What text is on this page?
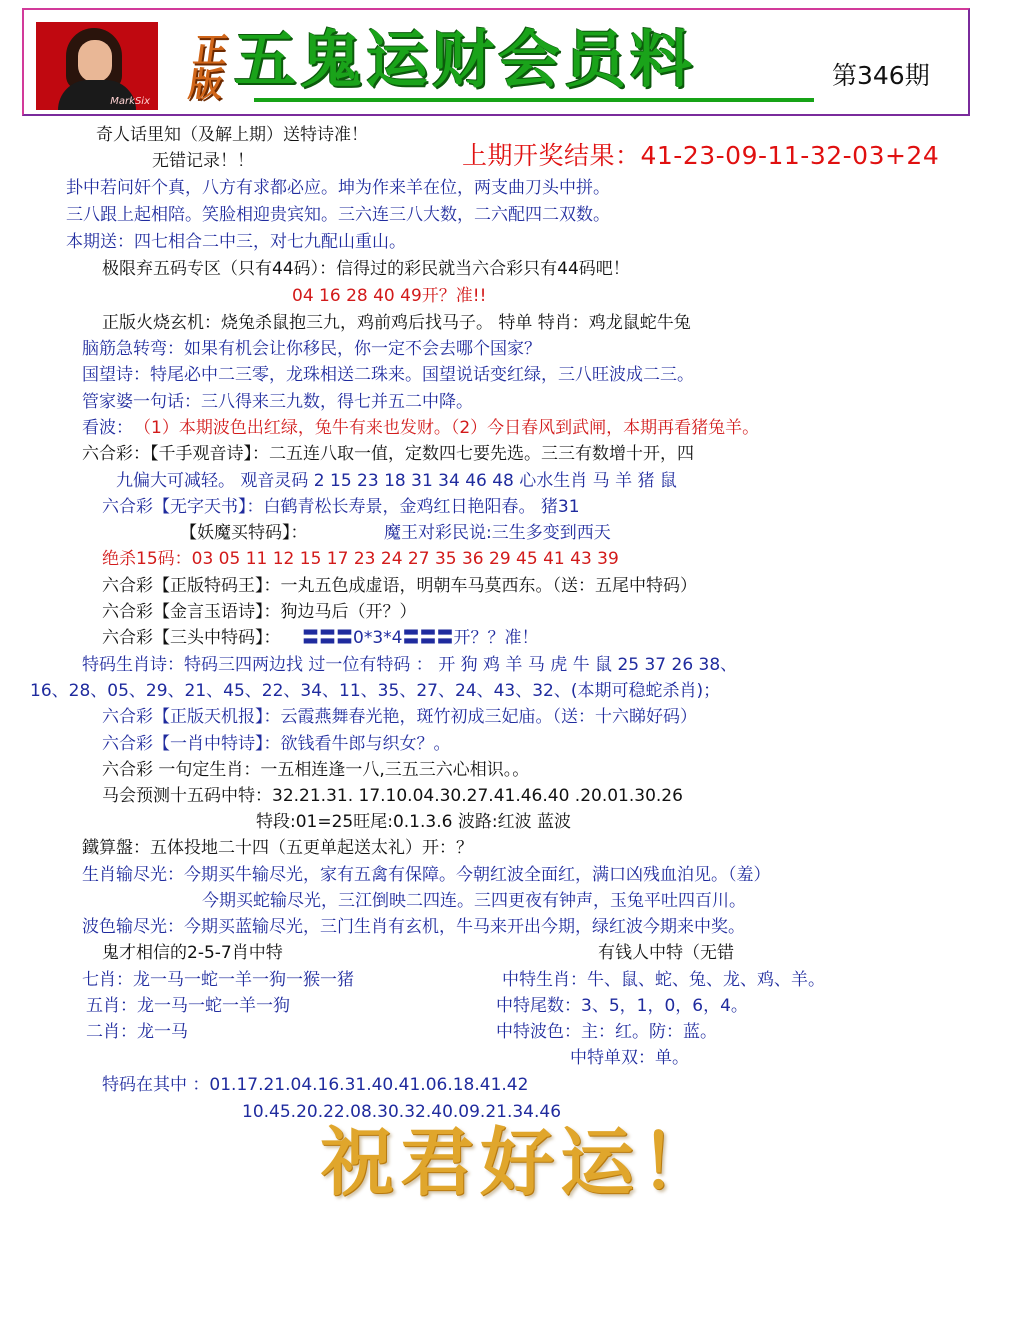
MarkSix
正版 五鬼运财会员料	第346期
上期开奖结果：41-23-09-11-32-03+24
奇人话里知（及解上期）送特诗准！
无错记录！！
卦中若问奸个真，八方有求都必应。坤为作来羊在位，两支曲刀头中拼。
三八跟上起相陪。笑脸相迎贵宾知。三六连三八大数，二六配四二双数。
本期送：四七相合二中三，对七九配山重山。
极限弃五码专区（只有44码）：信得过的彩民就当六合彩只有44码吧！
04 16 28 40 49开？准!!
正版火烧玄机：烧兔杀鼠抱三九，鸡前鸡后找马子。 特单 特肖：鸡龙鼠蛇牛兔
脑筋急转弯：如果有机会让你移民，你一定不会去哪个国家？
国望诗：特尾必中二三零，龙珠相送二珠来。国望说话变红绿，三八旺波成二三。
管家婆一句话：三八得来三九数，得七并五二中降。
看波： （1）本期波色出红绿，兔牛有来也发财。（2）今日春风到武闸，本期再看猪兔羊。
六合彩：【千手观音诗】：二五连八取一值，定数四七要先选。三三有数增十开，四
九偏大可减轻。 观音灵码 2 15 23 18 31 34 46 48 心水生肖 马 羊 猪 鼠
六合彩【无字天书】：白鹤青松长寿景，金鸡红日艳阳春。 猪31
【妖魔买特码】：	魔王对彩民说:三生多变到西天
绝杀15码：03 05 11 12 15 17 23 24 27 35 36 29 45 41 43 39
六合彩【正版特码王】：一丸五色成虚语，明朝车马莫西东。（送：五尾中特码）
六合彩【金言玉语诗】：狗边马后（开？）
六合彩【三头中特码】： 〓〓〓0*3*4〓〓〓开？？准！
特码生肖诗：特码三四两边找 过一位有特码 ： 开 狗 鸡 羊 马 虎 牛 鼠 25 37 26 38、
16、28、05、29、21、45、22、34、11、35、27、24、43、32、(本期可稳蛇杀肖)；
六合彩【正版天机报】：云霞燕舞春光艳，斑竹初成三妃庙。（送：十六睇好码）
六合彩【一肖中特诗】：欲钱看牛郎与织女？。
六合彩 一句定生肖：一五相连逢一八,三五三六心相识。。
马会预测十五码中特：32.21.31. 17.10.04.30.27.41.46.40 .20.01.30.26
特段:01=25旺尾:0.1.3.6 波路:红波 蓝波
鐵算盤：五体投地二十四（五更单起送太礼）开：？
生肖输尽光：今期买牛输尽光，家有五禽有保障。今朝红波全面红，满口凶残血泊见。（羞）
今期买蛇输尽光，三江倒映二四连。三四更夜有钟声，玉兔平吐四百川。
波色输尽光：今期买蓝输尽光，三门生肖有玄机，牛马来开出今期，绿红波今期来中奖。
鬼才相信的2-5-7肖中特	有钱人中特（无错
七肖：龙一马一蛇一羊一狗一猴一猪	中特生肖：牛、鼠、蛇、兔、龙、鸡、羊。
五肖：龙一马一蛇一羊一狗	中特尾数：3、5，1，0，6，4。
二肖：龙一马	中特波色：主：红。防：蓝。
中特单双：单。
特码在其中 ：01.17.21.04.16.31.40.41.06.18.41.42
10.45.20.22.08.30.32.40.09.21.34.46
祝君好运！
